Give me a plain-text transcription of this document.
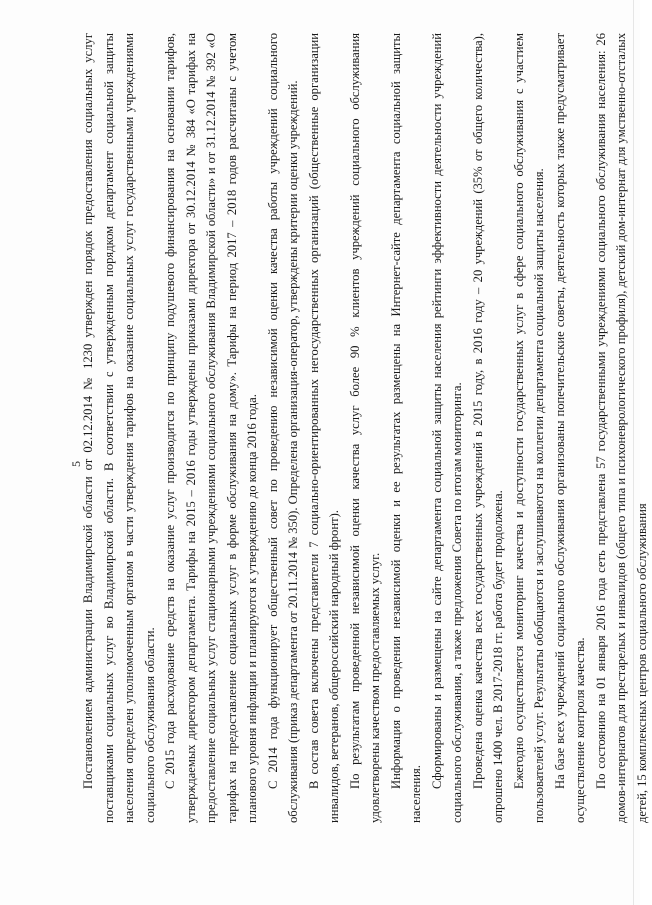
5

Постановлением администрации Владимирской области от 02.12.2014 № 1230 утвержден порядок предоставления социальных услуг поставщиками социальных услуг во Владимирской области. В соответствии с утвержденным порядком департамент социальной защиты населения определен уполномоченным органом в части утверждения тарифов на оказание социальных услуг государственными учреждениями социального обслуживания области. С 2015 года расходование средств на оказание услуг производится по принципу подушевого финансирования на основании тарифов, утверждаемых директором департамента. Тарифы на 2015 – 2016 годы утверждены приказами директора от 30.12.2014 № 384 «О тарифах на предоставление социальных услуг стационарными учреждениями социального обслуживания Владимирской области» и от 31.12.2014 № 392 «О тарифах на предоставление социальных услуг в форме обслуживания на дому». Тарифы на период 2017 – 2018 годов рассчитаны с учетом планового уровня инфляции и планируются к утверждению до конца 2016 года. С 2014 года функционирует общественный совет по проведению независимой оценки качества работы учреждений социального обслуживания (приказ департамента от 20.11.2014 № 350). Определена организация-оператор, утверждены критерии оценки учреждений. В состав совета включены представители 7 социально-ориентированных негосударственных организаций (общественные организации инвалидов, ветеранов, общероссийский народный фронт). По результатам проведенной независимой оценки качества услуг более 90 % клиентов учреждений социального обслуживания удовлетворены качеством предоставляемых услуг. Информация о проведении независимой оценки и ее результатах размещены на Интернет-сайте департамента социальной защиты населения.

Сформированы и размещены на сайте департамента социальной защиты населения рейтинги эффективности деятельности учреждений социального обслуживания, а также предложения Совета по итогам мониторинга. Проведена оценка качества всех государственных учреждений в 2015 году, в 2016 году – 20 учреждений (35% от общего количества), опрошено 1400 чел. В 2017-2018 гг. работа будет продолжена. Ежегодно осуществляется мониторинг качества и доступности государственных услуг в сфере социального обслуживания с участием пользователей услуг. Результаты обобщаются и заслушиваются на коллегии департамента социальной защиты населения. На базе всех учреждений социального обслуживания организованы попечительские советы, деятельность которых также предусматривает осуществление контроля качества. По состоянию на 01 января 2016 года сеть представлена 57 государственными учреждениями социального обслуживания населения: 26 домов-интернатов для престарелых и инвалидов (общего типа и психоневрологического профиля), детский дом-интернат для умственно-отсталых детей, 15 комплексных центров социального обслуживания
